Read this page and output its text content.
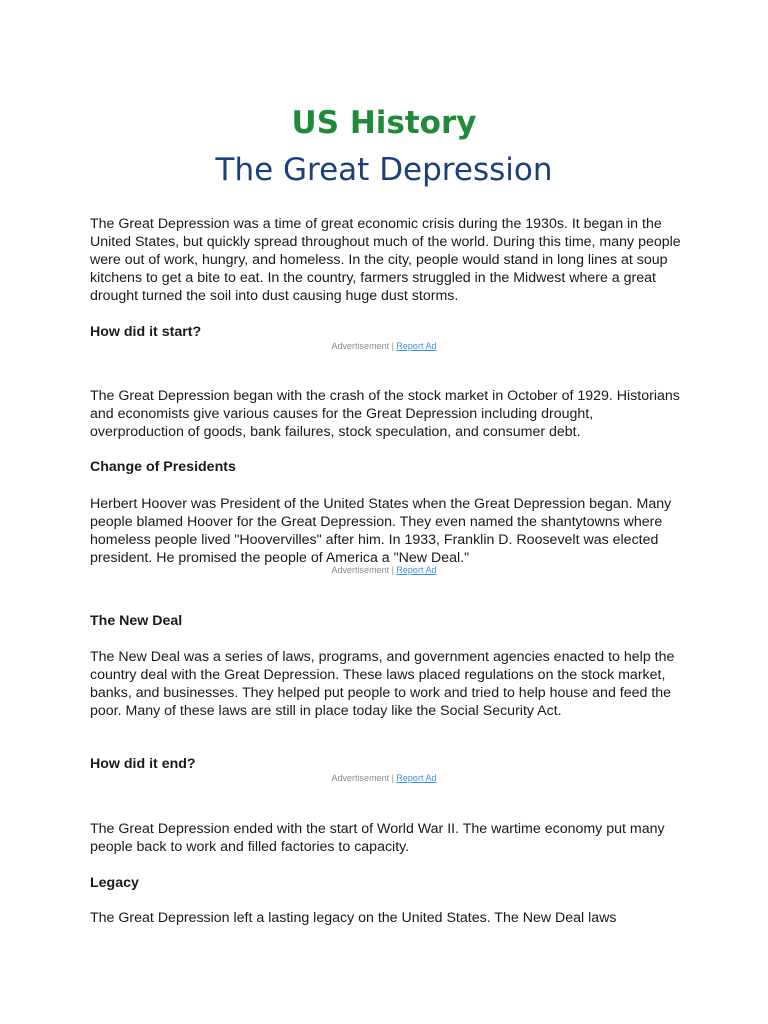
US History
The Great Depression

The Great Depression was a time of great economic crisis during the 1930s. It began in the United States, but quickly spread throughout much of the world. During this time, many people were out of work, hungry, and homeless. In the city, people would stand in long lines at soup kitchens to get a bite to eat. In the country, farmers struggled in the Midwest where a great drought turned the soil into dust causing huge dust storms.

How did it start?

Advertisement | Report Ad

The Great Depression began with the crash of the stock market in October of 1929. Historians and economists give various causes for the Great Depression including drought, overproduction of goods, bank failures, stock speculation, and consumer debt.

Change of Presidents

Herbert Hoover was President of the United States when the Great Depression began. Many people blamed Hoover for the Great Depression. They even named the shantytowns where homeless people lived "Hoovervilles" after him. In 1933, Franklin D. Roosevelt was elected president. He promised the people of America a "New Deal."

Advertisement | Report Ad

The New Deal

The New Deal was a series of laws, programs, and government agencies enacted to help the country deal with the Great Depression. These laws placed regulations on the stock market, banks, and businesses. They helped put people to work and tried to help house and feed the poor. Many of these laws are still in place today like the Social Security Act.

How did it end?

Advertisement | Report Ad

The Great Depression ended with the start of World War II. The wartime economy put many people back to work and filled factories to capacity.

Legacy

The Great Depression left a lasting legacy on the United States. The New Deal laws
